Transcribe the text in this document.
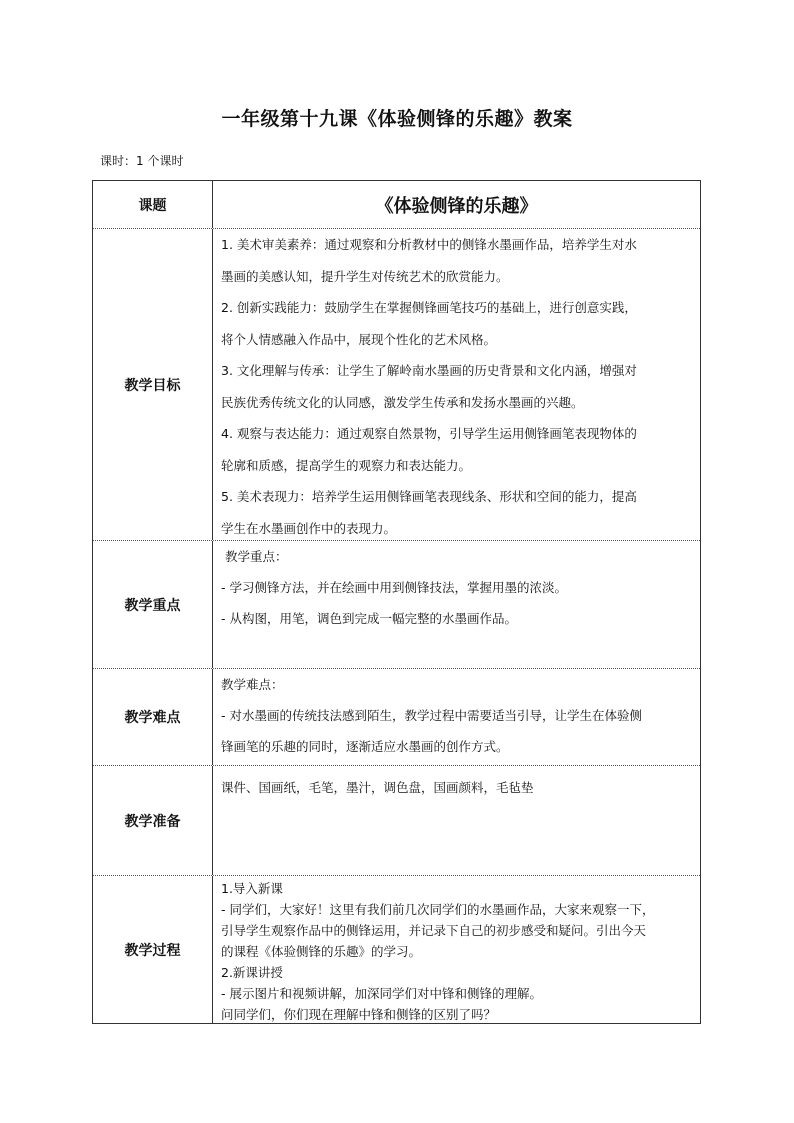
一年级第十九课《体验侧锋的乐趣》教案
课时：1 个课时
课题	《体验侧锋的乐趣》
教学目标

1. 美术审美素养：通过观察和分析教材中的侧锋水墨画作品，培养学生对水

墨画的美感认知，提升学生对传统艺术的欣赏能力。

2. 创新实践能力：鼓励学生在掌握侧锋画笔技巧的基础上，进行创意实践，

将个人情感融入作品中，展现个性化的艺术风格。

3. 文化理解与传承：让学生了解岭南水墨画的历史背景和文化内涵，增强对

民族优秀传统文化的认同感，激发学生传承和发扬水墨画的兴趣。

4. 观察与表达能力：通过观察自然景物，引导学生运用侧锋画笔表现物体的

轮廓和质感，提高学生的观察力和表达能力。

5. 美术表现力：培养学生运用侧锋画笔表现线条、形状和空间的能力，提高

学生在水墨画创作中的表现力。

教学重点

教学重点：

- 学习侧锋方法，并在绘画中用到侧锋技法，掌握用墨的浓淡。

- 从构图，用笔，调色到完成一幅完整的水墨画作品。

教学难点

教学难点：

- 对水墨画的传统技法感到陌生，教学过程中需要适当引导，让学生在体验侧

锋画笔的乐趣的同时，逐渐适应水墨画的创作方式。

教学准备

课件、国画纸，毛笔，墨汁，调色盘，国画颜料，毛毡垫

教学过程

1.导入新课

- 同学们，大家好！这里有我们前几次同学们的水墨画作品，大家来观察一下，

引导学生观察作品中的侧锋运用，并记录下自己的初步感受和疑问。引出今天

的课程《体验侧锋的乐趣》的学习。

2.新课讲授

- 展示图片和视频讲解，加深同学们对中锋和侧锋的理解。

问同学们，你们现在理解中锋和侧锋的区别了吗？
